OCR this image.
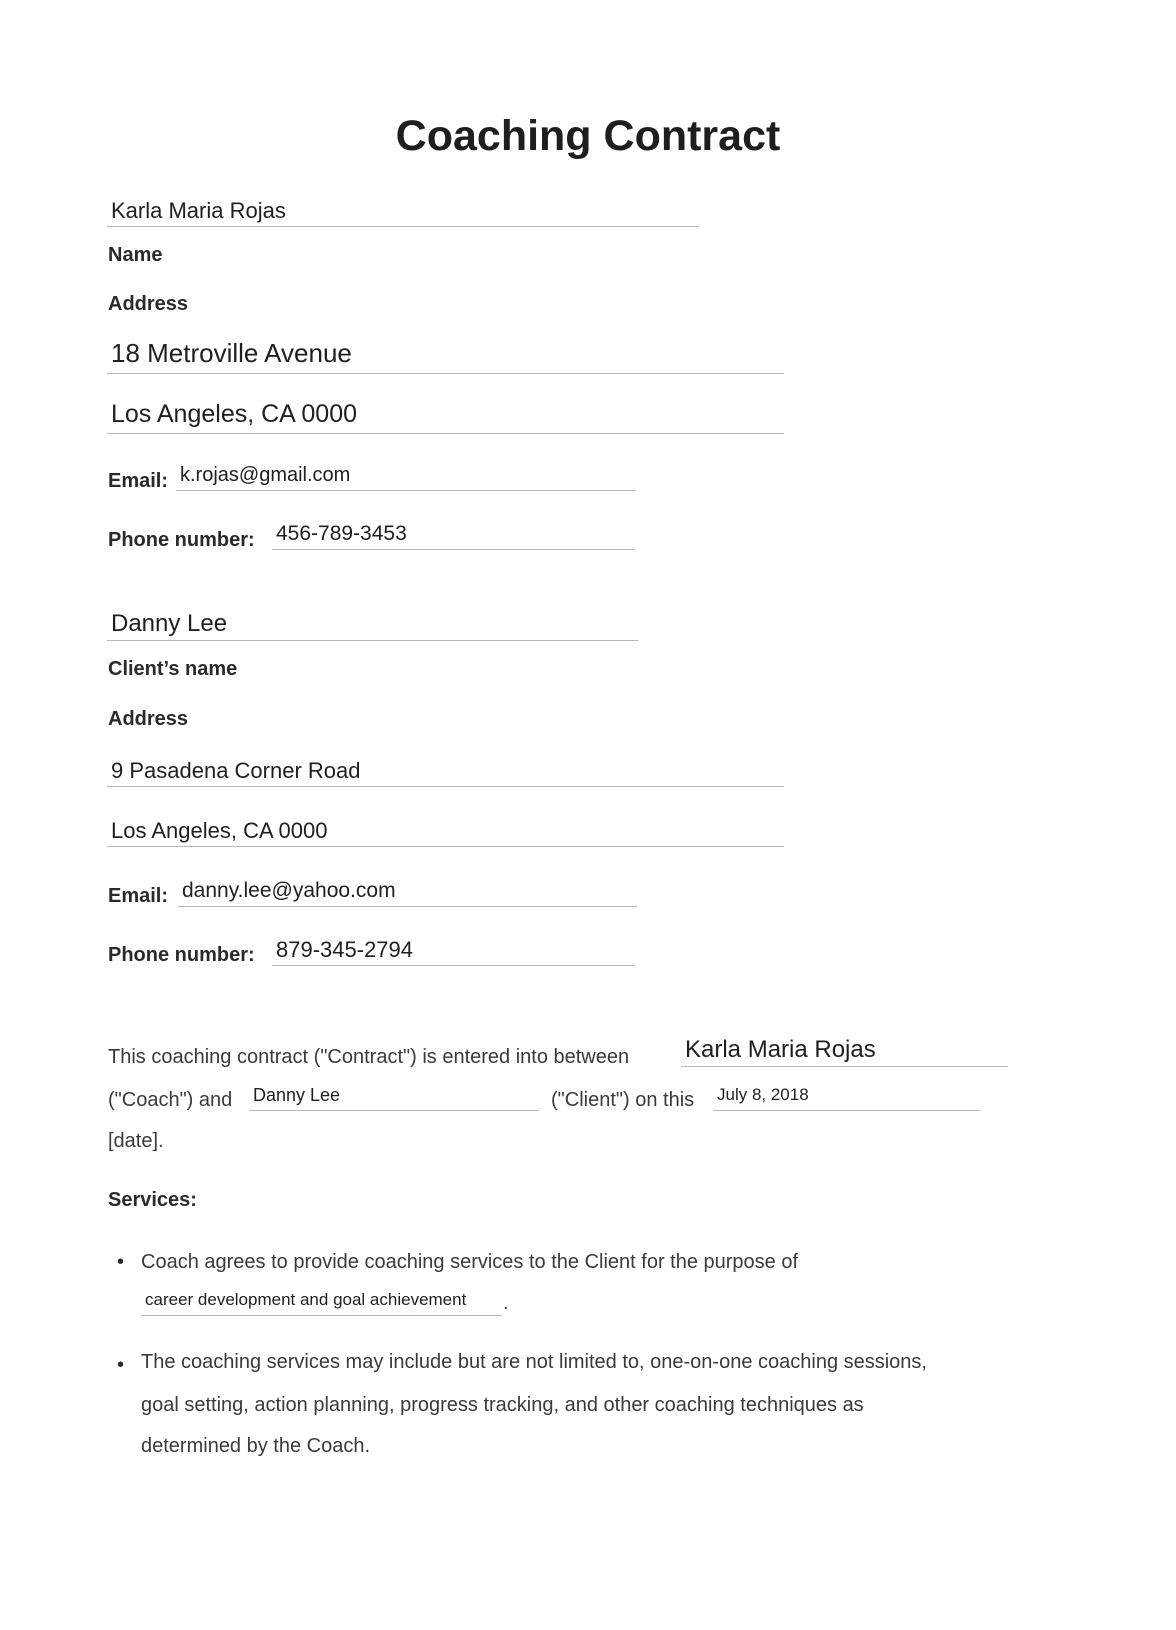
Coaching Contract
Karla Maria Rojas
Name
Address
18 Metroville Avenue
Los Angeles, CA 0000
Email: k.rojas@gmail.com
Phone number: 456-789-3453
Danny Lee
Client’s name
Address
9 Pasadena Corner Road
Los Angeles, CA 0000
Email: danny.lee@yahoo.com
Phone number: 879-345-2794
This coaching contract ("Contract") is entered into between Karla Maria Rojas
("Coach") and Danny Lee	("Client") on this July 8, 2018
[date].
Services:
• Coach agrees to provide coaching services to the Client for the purpose of
career development and goal achievement	.
• The coaching services may include but are not limited to, one-on-one coaching sessions,
goal setting, action planning, progress tracking, and other coaching techniques as
determined by the Coach.
